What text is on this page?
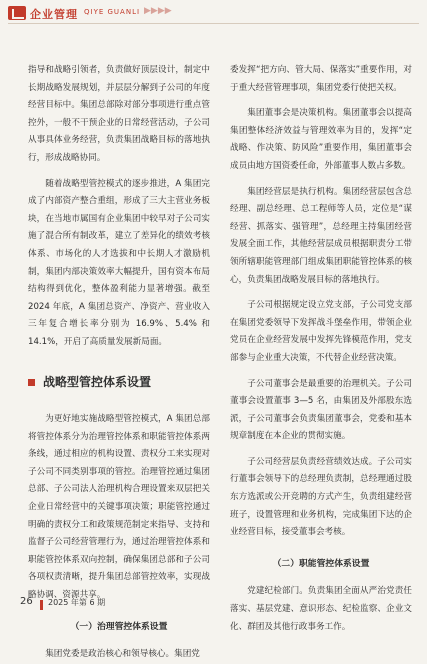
企业管理 QIYE GUANLI ▶▶▶▶

指导和战略引领者，负责做好顶层设计，制定中长期战略发展规划，并层层分解到子公司的年度经营目标中。集团总部除对部分事项进行重点管控外，一般不干预企业的日常经营活动，子公司从事具体业务经营，负责集团战略目标的落地执行，形成战略协同。

随着战略型管控模式的逐步推进，A 集团完成了内部资产整合重组，形成了三大主营业务板块，在当地市属国有企业集团中较早对子公司实施了混合所有制改革，建立了差异化的绩效考核体系、市场化的人才选拔和中长期人才激励机制，集团内部决策效率大幅提升，国有资本布局结构得到优化，整体盈利能力显著增强。截至 2024 年底，A 集团总资产、净资产、营业收入三年复合增长率分别为 16.9%、5.4% 和 14.1%，开启了高质量发展新局面。

战略型管控体系设置

为更好地实施战略型管控模式，A 集团总部将管控体系分为治理管控体系和职能管控体系两条线，通过相应的机构设置、责权分工来实现对子公司不同类别事项的管控。治理管控通过集团总部、子公司法人治理机构合理设置来双层把关企业日常经营中的关键事项决策；职能管控通过明确的责权分工和政策规范制定来指导、支持和监督子公司经营管理行为，通过治理管控体系和职能管控体系双向控制，确保集团总部和子公司各项权责清晰，提升集团总部管控效率，实现战略协调、资源共享。

（一）治理管控体系设置

集团党委是政治核心和领导核心。集团党

委发挥“把方向、管大局、保落实”重要作用，对于重大经营管理事项，集团党委行使把关权。

集团董事会是决策机构。集团董事会以提高集团整体经济效益与管理效率为目的，发挥“定战略、作决策、防风险”重要作用，集团董事会成员由地方国资委任命，外部董事人数占多数。

集团经营层是执行机构。集团经营层包含总经理、副总经理、总工程师等人员，定位是“谋经营、抓落实、强管理”，总经理主持集团经营发展全面工作，其他经营层成员根据职责分工带领所辖职能管理部门组成集团职能管控体系的核心，负责集团战略发展目标的落地执行。

子公司根据规定设立党支部，子公司党支部在集团党委领导下发挥战斗堡垒作用，带领企业党员在企业经营发展中发挥先锋模范作用，党支部参与企业重大决策，不代替企业经营决策。

子公司董事会是最重要的治理机关。子公司董事会设置董事 3—5 名，由集团及外部股东选派，子公司董事会负责集团董事会，党委和基本规章制度在本企业的贯彻实施。

子公司经营层负责经营绩效达成。子公司实行董事会领导下的总经理负责制，总经理通过股东方选派或公开竞聘的方式产生，负责组建经营班子，设置管理和业务机构，完成集团下达的企业经营目标，接受董事会考核。

（二）职能管控体系设置

党建纪检部门。负责集团全面从严治党责任落实、基层党建、意识形态、纪检监察、企业文化、群团及其他行政事务工作。

26 2025 年第 6 期
